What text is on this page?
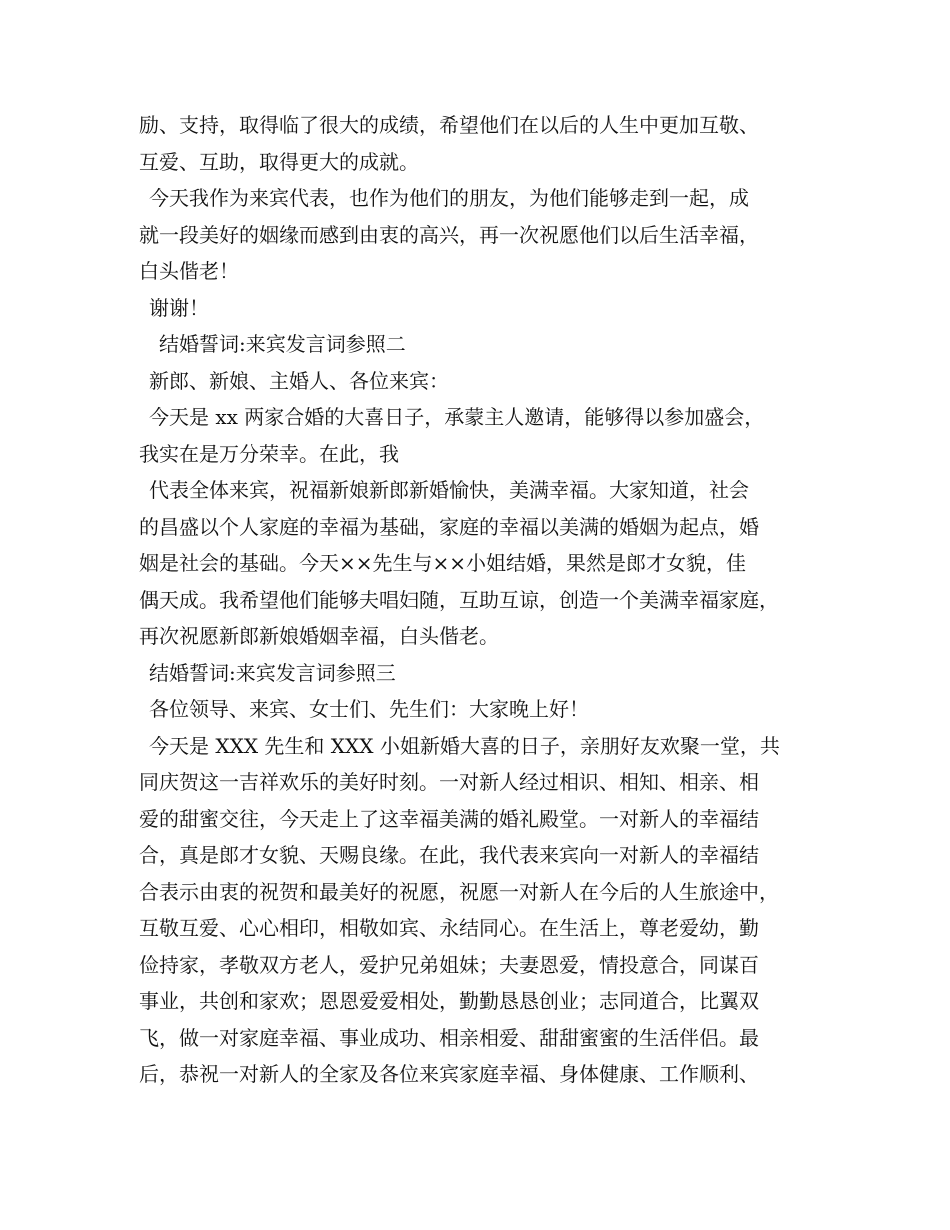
励、支持，取得临了很大的成绩，希望他们在以后的人生中更加互敬、
互爱、互助，取得更大的成就。
今天我作为来宾代表，也作为他们的朋友，为他们能够走到一起，成
就一段美好的姻缘而感到由衷的高兴，再一次祝愿他们以后生活幸福，
白头偕老！
谢谢！
结婚誓词:来宾发言词参照二
新郎、新娘、主婚人、各位来宾：
今天是 xx 两家合婚的大喜日子，承蒙主人邀请，能够得以参加盛会，
我实在是万分荣幸。在此，我
代表全体来宾，祝福新娘新郎新婚愉快，美满幸福。大家知道，社会
的昌盛以个人家庭的幸福为基础，家庭的幸福以美满的婚姻为起点，婚
姻是社会的基础。今天××先生与××小姐结婚，果然是郎才女貌，佳
偶天成。我希望他们能够夫唱妇随，互助互谅，创造一个美满幸福家庭，
再次祝愿新郎新娘婚姻幸福，白头偕老。
结婚誓词:来宾发言词参照三
各位领导、来宾、女士们、先生们：大家晚上好！
今天是 XXX 先生和 XXX 小姐新婚大喜的日子，亲朋好友欢聚一堂，共
同庆贺这一吉祥欢乐的美好时刻。一对新人经过相识、相知、相亲、相
爱的甜蜜交往，今天走上了这幸福美满的婚礼殿堂。一对新人的幸福结
合，真是郎才女貌、天赐良缘。在此，我代表来宾向一对新人的幸福结
合表示由衷的祝贺和最美好的祝愿，祝愿一对新人在今后的人生旅途中，
互敬互爱、心心相印，相敬如宾、永结同心。在生活上，尊老爱幼，勤
俭持家，孝敬双方老人，爱护兄弟姐妹；夫妻恩爱，情投意合，同谋百
事业，共创和家欢；恩恩爱爱相处，勤勤恳恳创业；志同道合，比翼双
飞，做一对家庭幸福、事业成功、相亲相爱、甜甜蜜蜜的生活伴侣。最
后，恭祝一对新人的全家及各位来宾家庭幸福、身体健康、工作顺利、
